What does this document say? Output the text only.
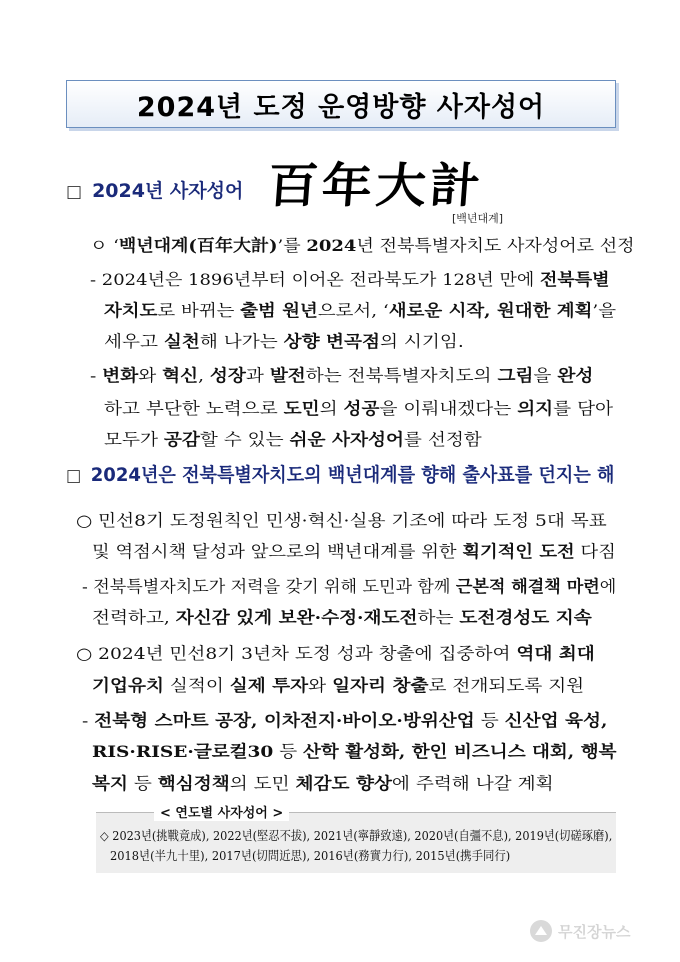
2024년 도정 운영방향 사자성어
□ 2024년 사자성어 百年大計
[백년대계]
ㅇ ‘백년대계(百年大計)’를 2024년 전북특별자치도 사자성어로 선정
- 2024년은 1896년부터 이어온 전라북도가 128년 만에 전북특별
자치도로 바뀌는 출범 원년으로서, ‘새로운 시작, 원대한 계획’을
세우고 실천해 나가는 상향 변곡점의 시기임.
- 변화와 혁신, 성장과 발전하는 전북특별자치도의 그림을 완성
하고 부단한 노력으로 도민의 성공을 이뤄내겠다는 의지를 담아
모두가 공감할 수 있는 쉬운 사자성어를 선정함
□ 2024년은 전북특별자치도의 백년대계를 향해 출사표를 던지는 해
○ 민선8기 도정원칙인 민생·혁신·실용 기조에 따라 도정 5대 목표
및 역점시책 달성과 앞으로의 백년대계를 위한 획기적인 도전 다짐
- 전북특별자치도가 저력을 갖기 위해 도민과 함께 근본적 해결책 마련에
전력하고, 자신감 있게 보완·수정·재도전하는 도전경성도 지속
○ 2024년 민선8기 3년차 도정 성과 창출에 집중하여 역대 최대
기업유치 실적이 실제 투자와 일자리 창출로 전개되도록 지원
- 전북형 스마트 공장, 이차전지·바이오·방위산업 등 신산업 육성,
RIS·RISE·글로컬30 등 산학 활성화, 한인 비즈니스 대회, 행복
복지 등 핵심정책의 도민 체감도 향상에 주력해 나갈 계획
< 연도별 사자성어 >
◇ 2023년(挑戰竟成), 2022년(堅忍不拔), 2021년(寧靜致遠), 2020년(自彊不息), 2019년(切磋琢磨),
2018년(半九十里), 2017년(切問近思), 2016년(務實力行), 2015년(携手同行)
무진장뉴스
